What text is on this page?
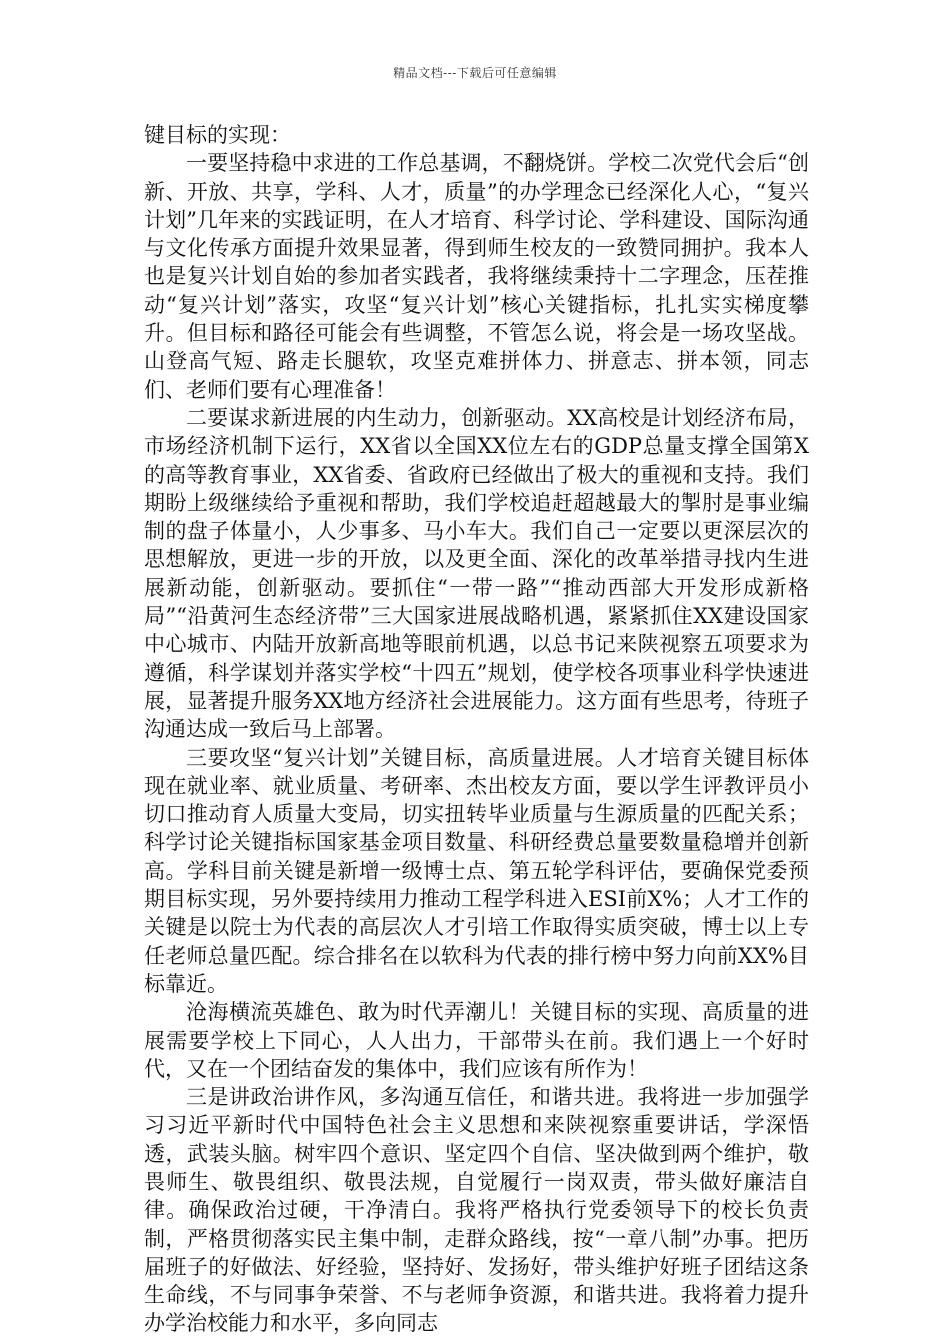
精品文档---下载后可任意编辑

键目标的实现：

一要坚持稳中求进的工作总基调，不翻烧饼。学校二次党代会后“创新、开放、共享，学科、人才，质量”的办学理念已经深化人心，“复兴计划”几年来的实践证明，在人才培育、科学讨论、学科建设、国际沟通与文化传承方面提升效果显著，得到师生校友的一致赞同拥护。我本人也是复兴计划自始的参加者实践者，我将继续秉持十二字理念，压茬推动“复兴计划”落实，攻坚“复兴计划”核心关键指标，扎扎实实梯度攀升。但目标和路径可能会有些调整，不管怎么说，将会是一场攻坚战。山登高气短、路走长腿软，攻坚克难拼体力、拼意志、拼本领，同志们、老师们要有心理准备！

二要谋求新进展的内生动力，创新驱动。XX高校是计划经济布局，市场经济机制下运行，XX省以全国XX位左右的GDP总量支撑全国第X的高等教育事业，XX省委、省政府已经做出了极大的重视和支持。我们期盼上级继续给予重视和帮助，我们学校追赶超越最大的掣肘是事业编制的盘子体量小，人少事多、马小车大。我们自己一定要以更深层次的思想解放，更进一步的开放，以及更全面、深化的改革举措寻找内生进展新动能，创新驱动。要抓住“一带一路”“推动西部大开发形成新格局”“沿黄河生态经济带”三大国家进展战略机遇，紧紧抓住XX建设国家中心城市、内陆开放新高地等眼前机遇，以总书记来陕视察五项要求为遵循，科学谋划并落实学校“十四五”规划，使学校各项事业科学快速进展，显著提升服务XX地方经济社会进展能力。这方面有些思考，待班子沟通达成一致后马上部署。

三要攻坚“复兴计划”关键目标，高质量进展。人才培育关键目标体现在就业率、就业质量、考研率、杰出校友方面，要以学生评教评员小切口推动育人质量大变局，切实扭转毕业质量与生源质量的匹配关系；科学讨论关键指标国家基金项目数量、科研经费总量要数量稳增并创新高。学科目前关键是新增一级博士点、第五轮学科评估，要确保党委预期目标实现，另外要持续用力推动工程学科进入ESI前X%；人才工作的关键是以院士为代表的高层次人才引培工作取得实质突破，博士以上专任老师总量匹配。综合排名在以软科为代表的排行榜中努力向前XX%目标靠近。

沧海横流英雄色、敢为时代弄潮儿！关键目标的实现、高质量的进展需要学校上下同心，人人出力，干部带头在前。我们遇上一个好时代，又在一个团结奋发的集体中，我们应该有所作为！

三是讲政治讲作风，多沟通互信任，和谐共进。我将进一步加强学习习近平新时代中国特色社会主义思想和来陕视察重要讲话，学深悟透，武装头脑。树牢四个意识、坚定四个自信、坚决做到两个维护，敬畏师生、敬畏组织、敬畏法规，自觉履行一岗双责，带头做好廉洁自律。确保政治过硬，干净清白。我将严格执行党委领导下的校长负责制，严格贯彻落实民主集中制，走群众路线，按“一章八制”办事。把历届班子的好做法、好经验，坚持好、发扬好，带头维护好班子团结这条生命线，不与同事争荣誉、不与老师争资源，和谐共进。我将着力提升办学治校能力和水平，多向同志
